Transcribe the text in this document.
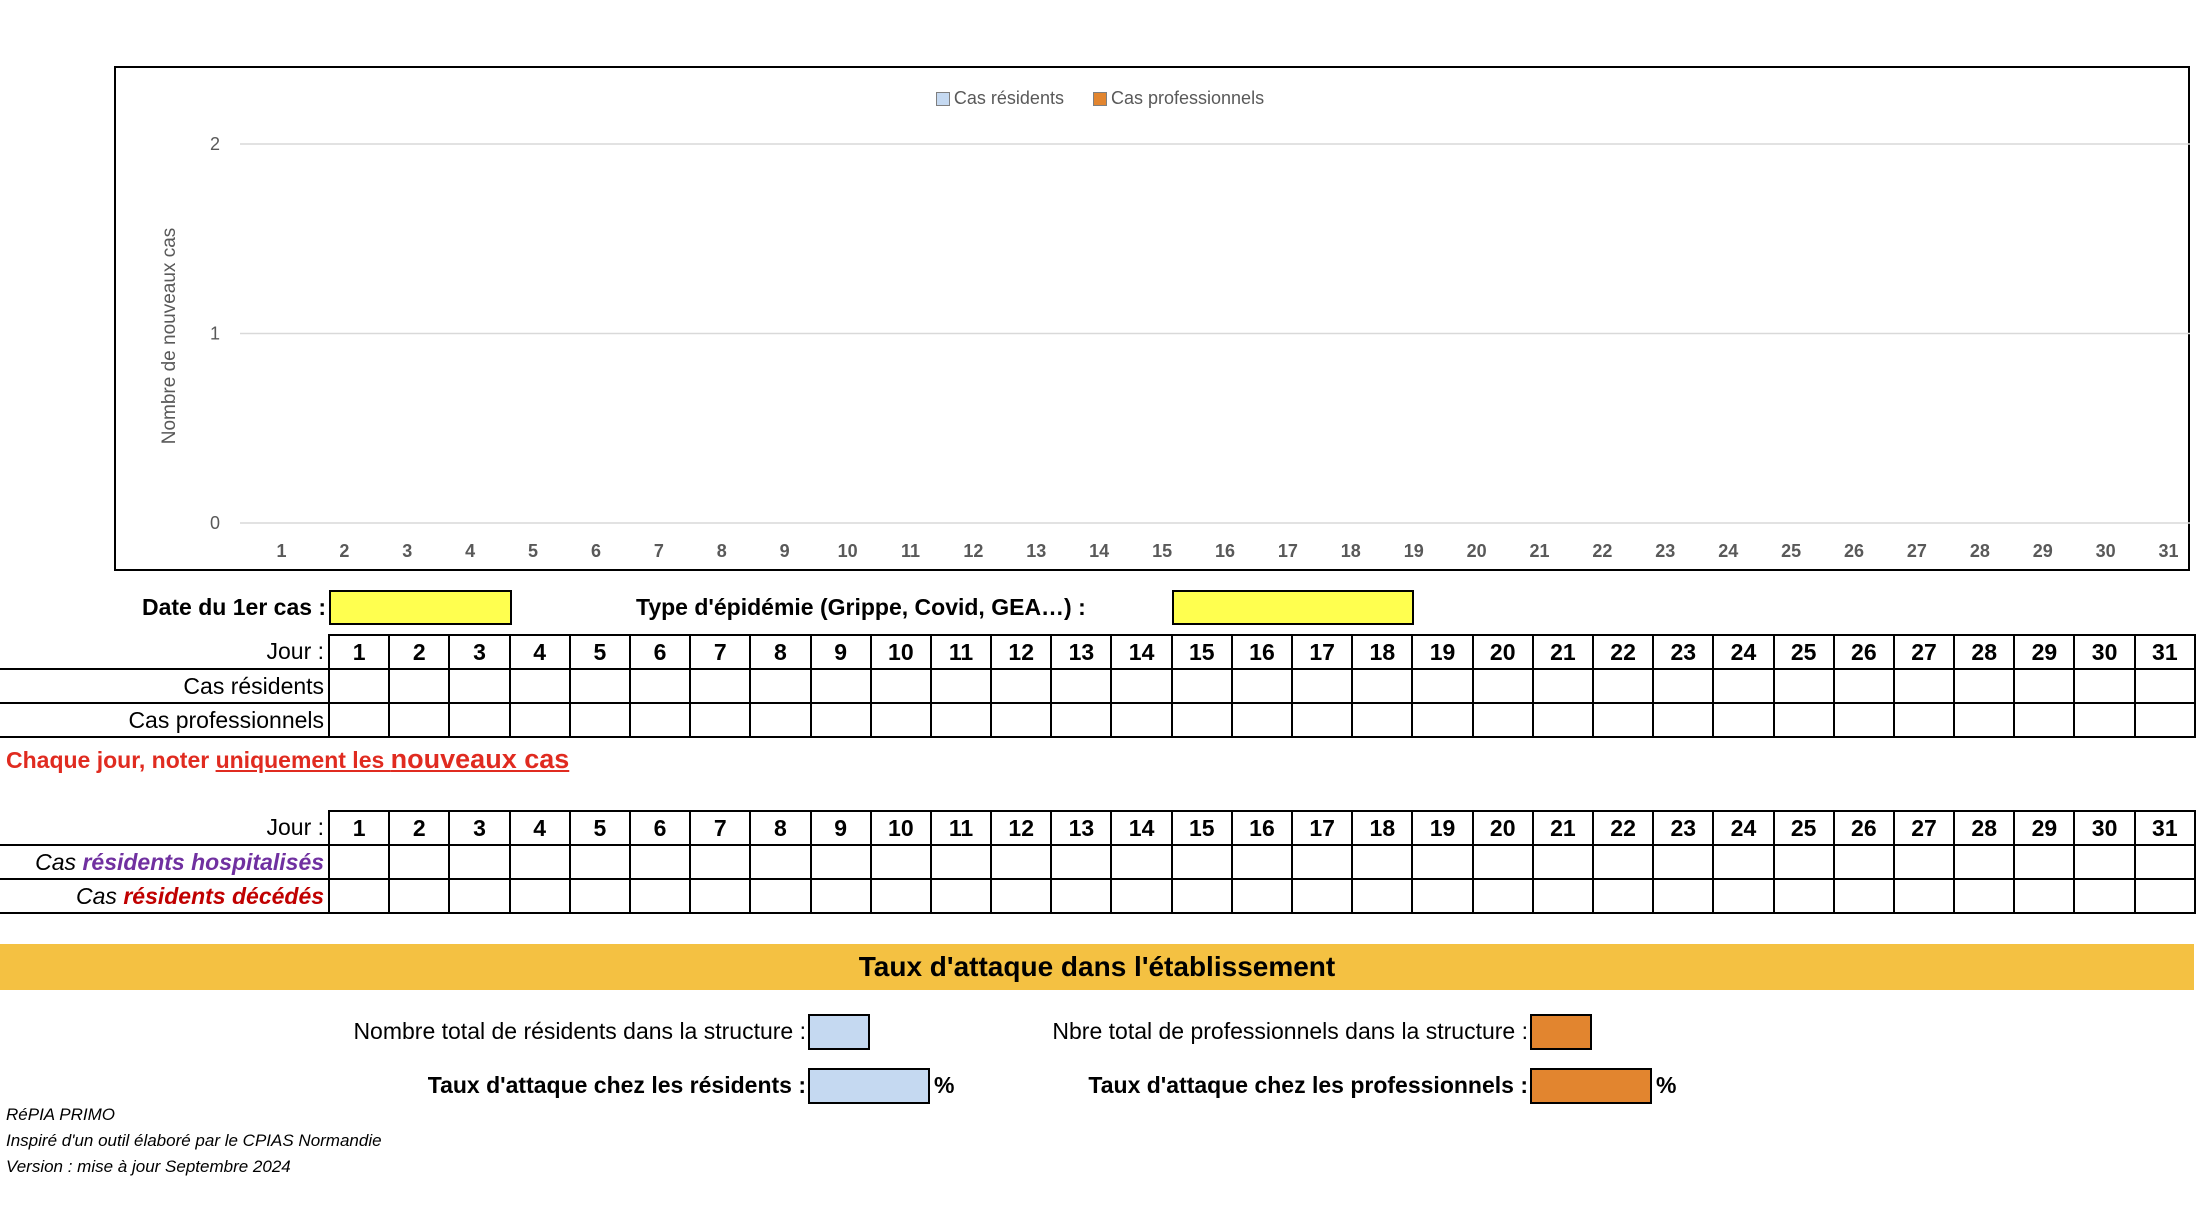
0
1
2
1	2	3	4	5	6	7	8	9	10 11 12 13 14 15 16 17 18 19 20 21 22 23 24 25 26 27 28 29 30 31
Cas résidents
	Cas professionnels
Nombre de nouveaux cas
Date du 1er cas :	Type d'épidémie (Grippe, Covid, GEA…) :
Jour :	1	2	3	4	5	6	7	8	9	10	11	12	13	14	15	16	17	18	19	20	21	22	23	24	25	26	27	28	29	30	31
Cas résidents																															
Cas professionnels																															
Chaque jour, noter uniquement les nouveaux cas
Jour :	1	2	3	4	5	6	7	8	9	10	11	12	13	14	15	16	17	18	19	20	21	22	23	24	25	26	27	28	29	30	31
Cas résidents hospitalisés																															
Cas résidents décédés																															
Taux d'attaque dans l'établissement
Nombre total de résidents dans la structure :	Nbre total de professionnels dans la structure :
Taux d'attaque chez les résidents :	%	Taux d'attaque chez les professionnels :	%
RéPIA PRIMO
Inspiré d'un outil élaboré par le CPIAS Normandie
Version : mise à jour Septembre 2024
